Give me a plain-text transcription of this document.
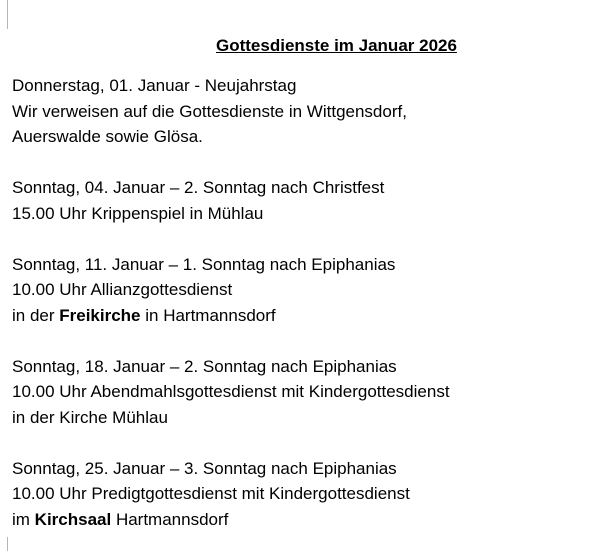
Gottesdienste im Januar 2026
Donnerstag, 01. Januar - Neujahrstag
Wir verweisen auf die Gottesdienste in Wittgensdorf,
Auerswalde sowie Glösa.
Sonntag, 04. Januar – 2. Sonntag nach Christfest
15.00 Uhr Krippenspiel in Mühlau
Sonntag, 11. Januar – 1. Sonntag nach Epiphanias
10.00 Uhr Allianzgottesdienst
in der Freikirche in Hartmannsdorf
Sonntag, 18. Januar – 2. Sonntag nach Epiphanias
10.00 Uhr Abendmahlsgottesdienst mit Kindergottesdienst
in der Kirche Mühlau
Sonntag, 25. Januar – 3. Sonntag nach Epiphanias
10.00 Uhr Predigtgottesdienst mit Kindergottesdienst
im Kirchsaal Hartmannsdorf
